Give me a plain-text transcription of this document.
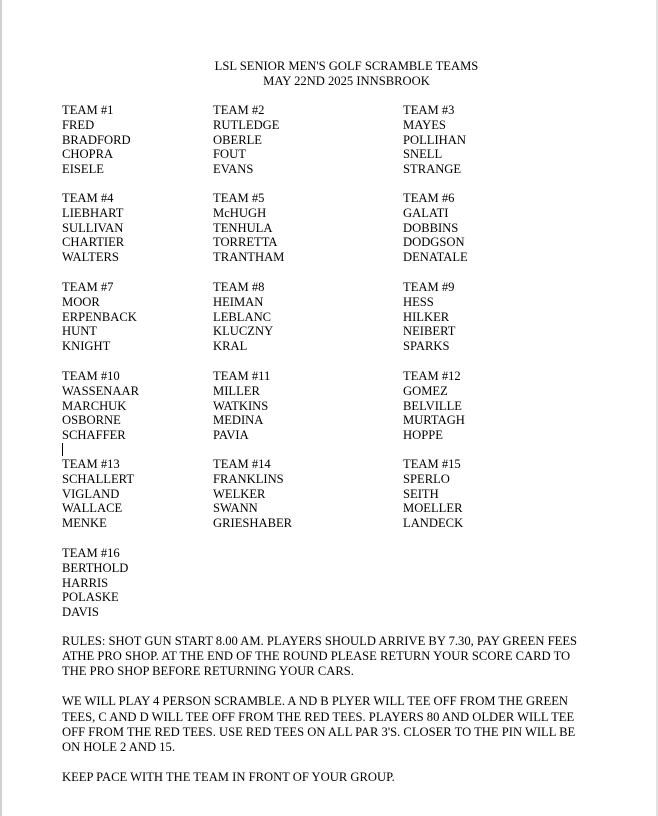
LSL SENIOR MEN'S GOLF SCRAMBLE TEAMS
MAY 22ND 2025 INNSBROOK
TEAM #1
FRED
BRADFORD
CHOPRA
EISELE
TEAM #2
RUTLEDGE
OBERLE
FOUT
EVANS
TEAM #3
MAYES
POLLIHAN
SNELL
STRANGE
TEAM #4
LIEBHART
SULLIVAN
CHARTIER
WALTERS
TEAM #5
McHUGH
TENHULA
TORRETTA
TRANTHAM
TEAM #6
GALATI
DOBBINS
DODGSON
DENATALE
TEAM #7
MOOR
ERPENBACK
HUNT
KNIGHT
TEAM #8
HEIMAN
LEBLANC
KLUCZNY
KRAL
TEAM #9
HESS
HILKER
NEIBERT
SPARKS
TEAM #10
WASSENAAR
MARCHUK
OSBORNE
SCHAFFER
TEAM #11
MILLER
WATKINS
MEDINA
PAVIA
TEAM #12
GOMEZ
BELVILLE
MURTAGH
HOPPE
TEAM #13
SCHALLERT
VIGLAND
WALLACE
MENKE
TEAM #14
FRANKLINS
WELKER
SWANN
GRIESHABER
TEAM #15
SPERLO
SEITH
MOELLER
LANDECK
TEAM #16
BERTHOLD
HARRIS
POLASKE
DAVIS

RULES: SHOT GUN START 8.00 AM. PLAYERS SHOULD ARRIVE BY 7.30, PAY GREEN FEES ATHE PRO SHOP. AT THE END OF THE ROUND PLEASE RETURN YOUR SCORE CARD TO THE PRO SHOP BEFORE RETURNING YOUR CARS.

WE WILL PLAY 4 PERSON SCRAMBLE. A ND B PLYER WILL TEE OFF FROM THE GREEN TEES, C AND D WILL TEE OFF FROM THE RED TEES. PLAYERS 80 AND OLDER WILL TEE OFF FROM THE RED TEES. USE RED TEES ON ALL PAR 3'S. CLOSER TO THE PIN WILL BE ON HOLE 2 AND 15.

KEEP PACE WITH THE TEAM IN FRONT OF YOUR GROUP.
